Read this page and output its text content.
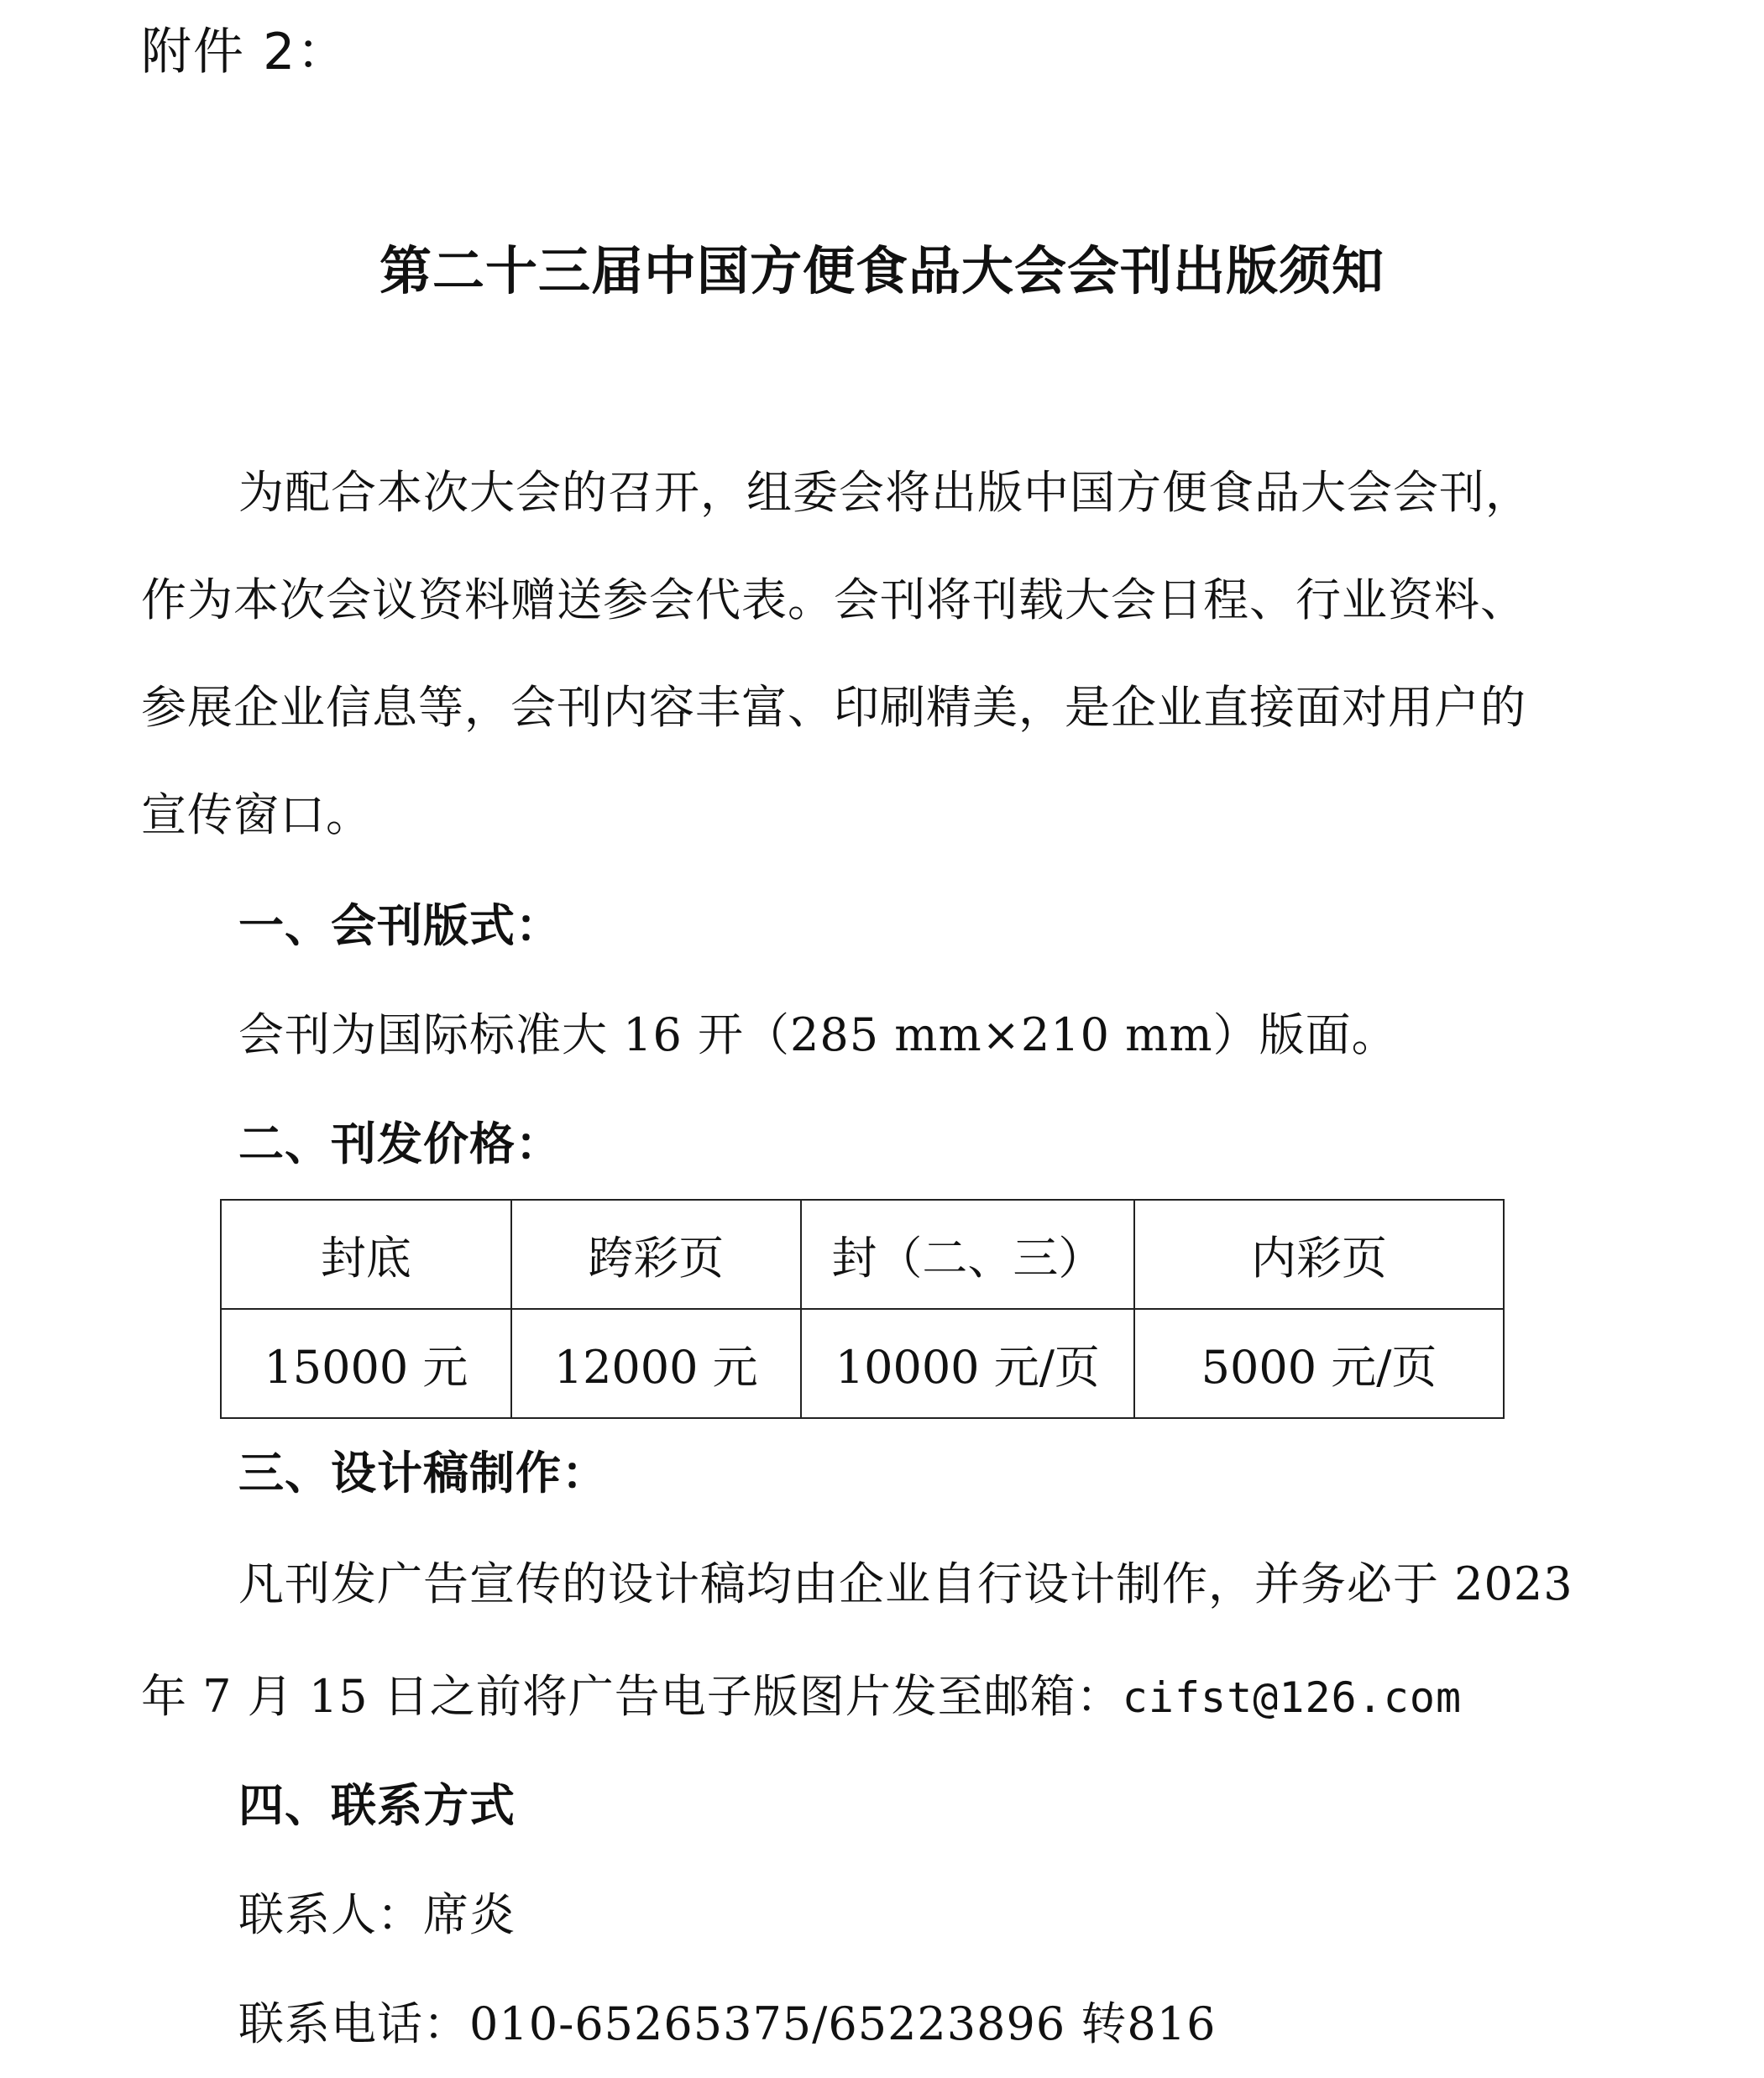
附件 2：
第二十三届中国方便食品大会会刊出版须知
为配合本次大会的召开，组委会将出版中国方便食品大会会刊，
作为本次会议资料赠送参会代表。会刊将刊载大会日程、行业资料、
参展企业信息等，会刊内容丰富、印刷精美，是企业直接面对用户的
宣传窗口。
一、会刊版式：
会刊为国际标准大 16 开（285 mm×210 mm）版面。
二、刊发价格：
封底	跨彩页	封（二、三）	内彩页
15000 元	12000 元	10000 元/页	5000 元/页
三、设计稿制作：
凡刊发广告宣传的设计稿均由企业自行设计制作，并务必于 2023
年 7 月 15 日之前将广告电子版图片发至邮箱：cifst@126.com
四、联系方式
联系人：席炎
联系电话：010-65265375/65223896 转816
